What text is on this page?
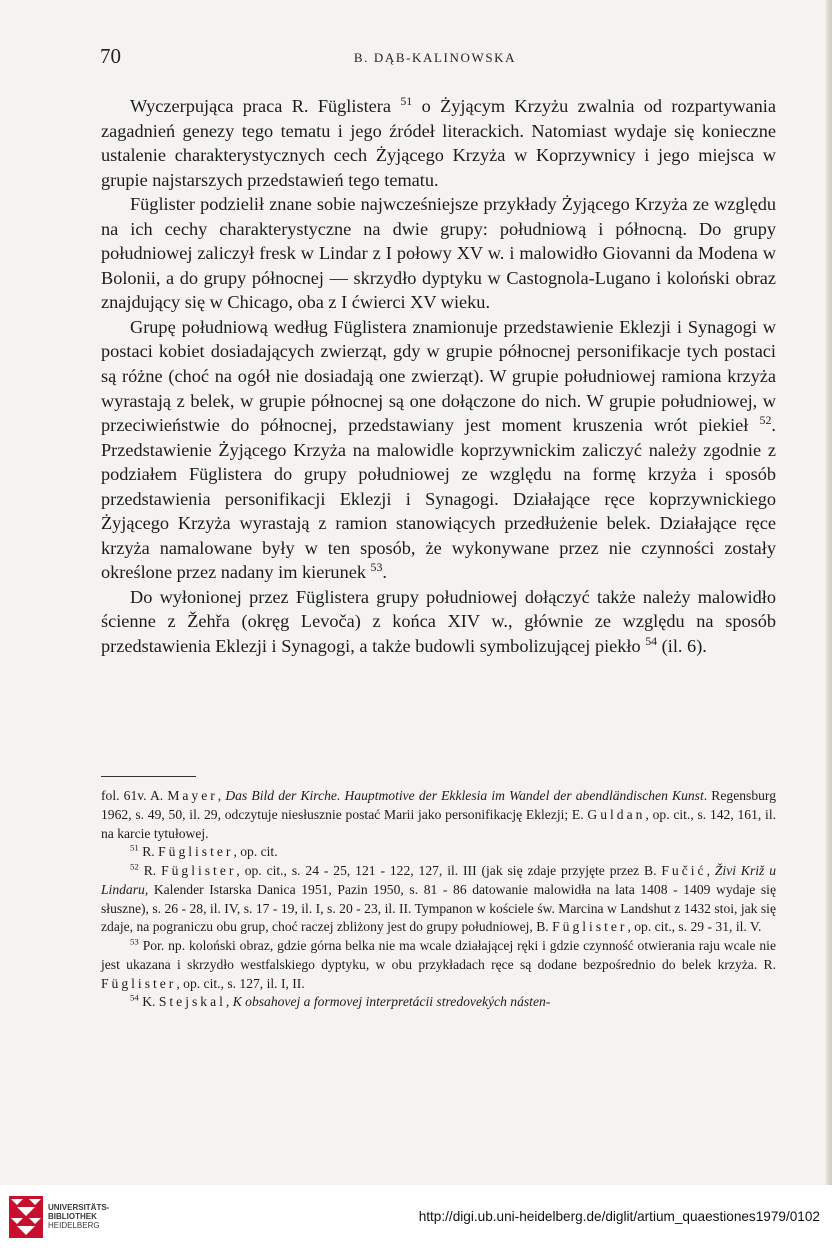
70	B. DĄB-KALINOWSKA

Wyczerpująca praca R. Füglistera $^{51}$ o Żyjącym Krzyżu zwalnia od rozpartywania zagadnień genezy tego tematu i jego źródeł literackich. Natomiast wydaje się konieczne ustalenie charakterystycznych cech Żyjącego Krzyża w Koprzywnicy i jego miejsca w grupie najstarszych przedstawień tego tematu.

Füglister podzielił znane sobie najwcześniejsze przykłady Żyjącego Krzyża ze względu na ich cechy charakterystyczne na dwie grupy: południową i północną. Do grupy południowej zaliczył fresk w Lindar z I połowy XV w. i malowidło Giovanni da Modena w Bolonii, a do grupy północnej — skrzydło dyptyku w Castognola-Lugano i koloński obraz znajdujący się w Chicago, oba z I ćwierci XV wieku.

Grupę południową według Füglistera znamionuje przedstawienie Eklezji i Synagogi w postaci kobiet dosiadających zwierząt, gdy w grupie północnej personifikacje tych postaci są różne (choć na ogół nie dosiadają one zwierząt). W grupie południowej ramiona krzyża wyrastają z belek, w grupie północnej są one dołączone do nich. W grupie południowej, w przeciwieństwie do północnej, przedstawiany jest moment kruszenia wrót piekieł $^{52}$. Przedstawienie Żyjącego Krzyża na malowidle koprzywnickim zaliczyć należy zgodnie z podziałem Füglistera do grupy południowej ze względu na formę krzyża i sposób przedstawienia personifikacji Eklezji i Synagogi. Działające ręce koprzywnickiego Żyjącego Krzyża wyrastają z ramion stanowiących przedłużenie belek. Działające ręce krzyża namalowane były w ten sposób, że wykonywane przez nie czynności zostały określone przez nadany im kierunek $^{53}$.

Do wyłonionej przez Füglistera grupy południowej dołączyć także należy malowidło ścienne z Žehřa (okręg Levoča) z końca XIV w., głównie ze względu na sposób przedstawienia Eklezji i Synagogi, a także budowli symbolizującej piekło $^{54}$ (il. 6).

fol. 61v. A. Mayer, Das Bild der Kirche. Hauptmotive der Ekklesia im Wandel der abendländischen Kunst. Regensburg 1962, s. 49, 50, il. 29, odczytuje niesłusznie postać Marii jako personifikację Eklezji; E. Guldan, op. cit., s. 142, 161, il. na karcie tytułowej.

$^{51}$ R. Füglister, op. cit.

$^{52}$ R. Füglister, op. cit., s. 24 - 25, 121 - 122, 127, il. III (jak się zdaje przyjęte przez B. Fučić, Živi Križ u Lindaru, Kalender Istarska Danica 1951, Pazin 1950, s. 81 - 86 datowanie malowidła na lata 1408 - 1409 wydaje się słuszne), s. 26 - 28, il. IV, s. 17 - 19, il. I, s. 20 - 23, il. II. Tympanon w kościele św. Marcina w Landshut z 1432 stoi, jak się zdaje, na pograniczu obu grup, choć raczej zbliżony jest do grupy południowej, B. Füglister, op. cit., s. 29 - 31, il. V.

$^{53}$ Por. np. koloński obraz, gdzie górna belka nie ma wcale działającej ręki i gdzie czynność otwierania raju wcale nie jest ukazana i skrzydło westfalskiego dyptyku, w obu przykładach ręce są dodane bezpośrednio do belek krzyża. R. Füglister, op. cit., s. 127, il. I, II.

$^{54}$ K. Stejskal, K obsahovej a formovej interpretácii stredovekých násten-

UNIVERSITÄTS-
BIBLIOTHEK
HEIDELBERG
http://digi.ub.uni-heidelberg.de/diglit/artium_quaestiones1979/0102
